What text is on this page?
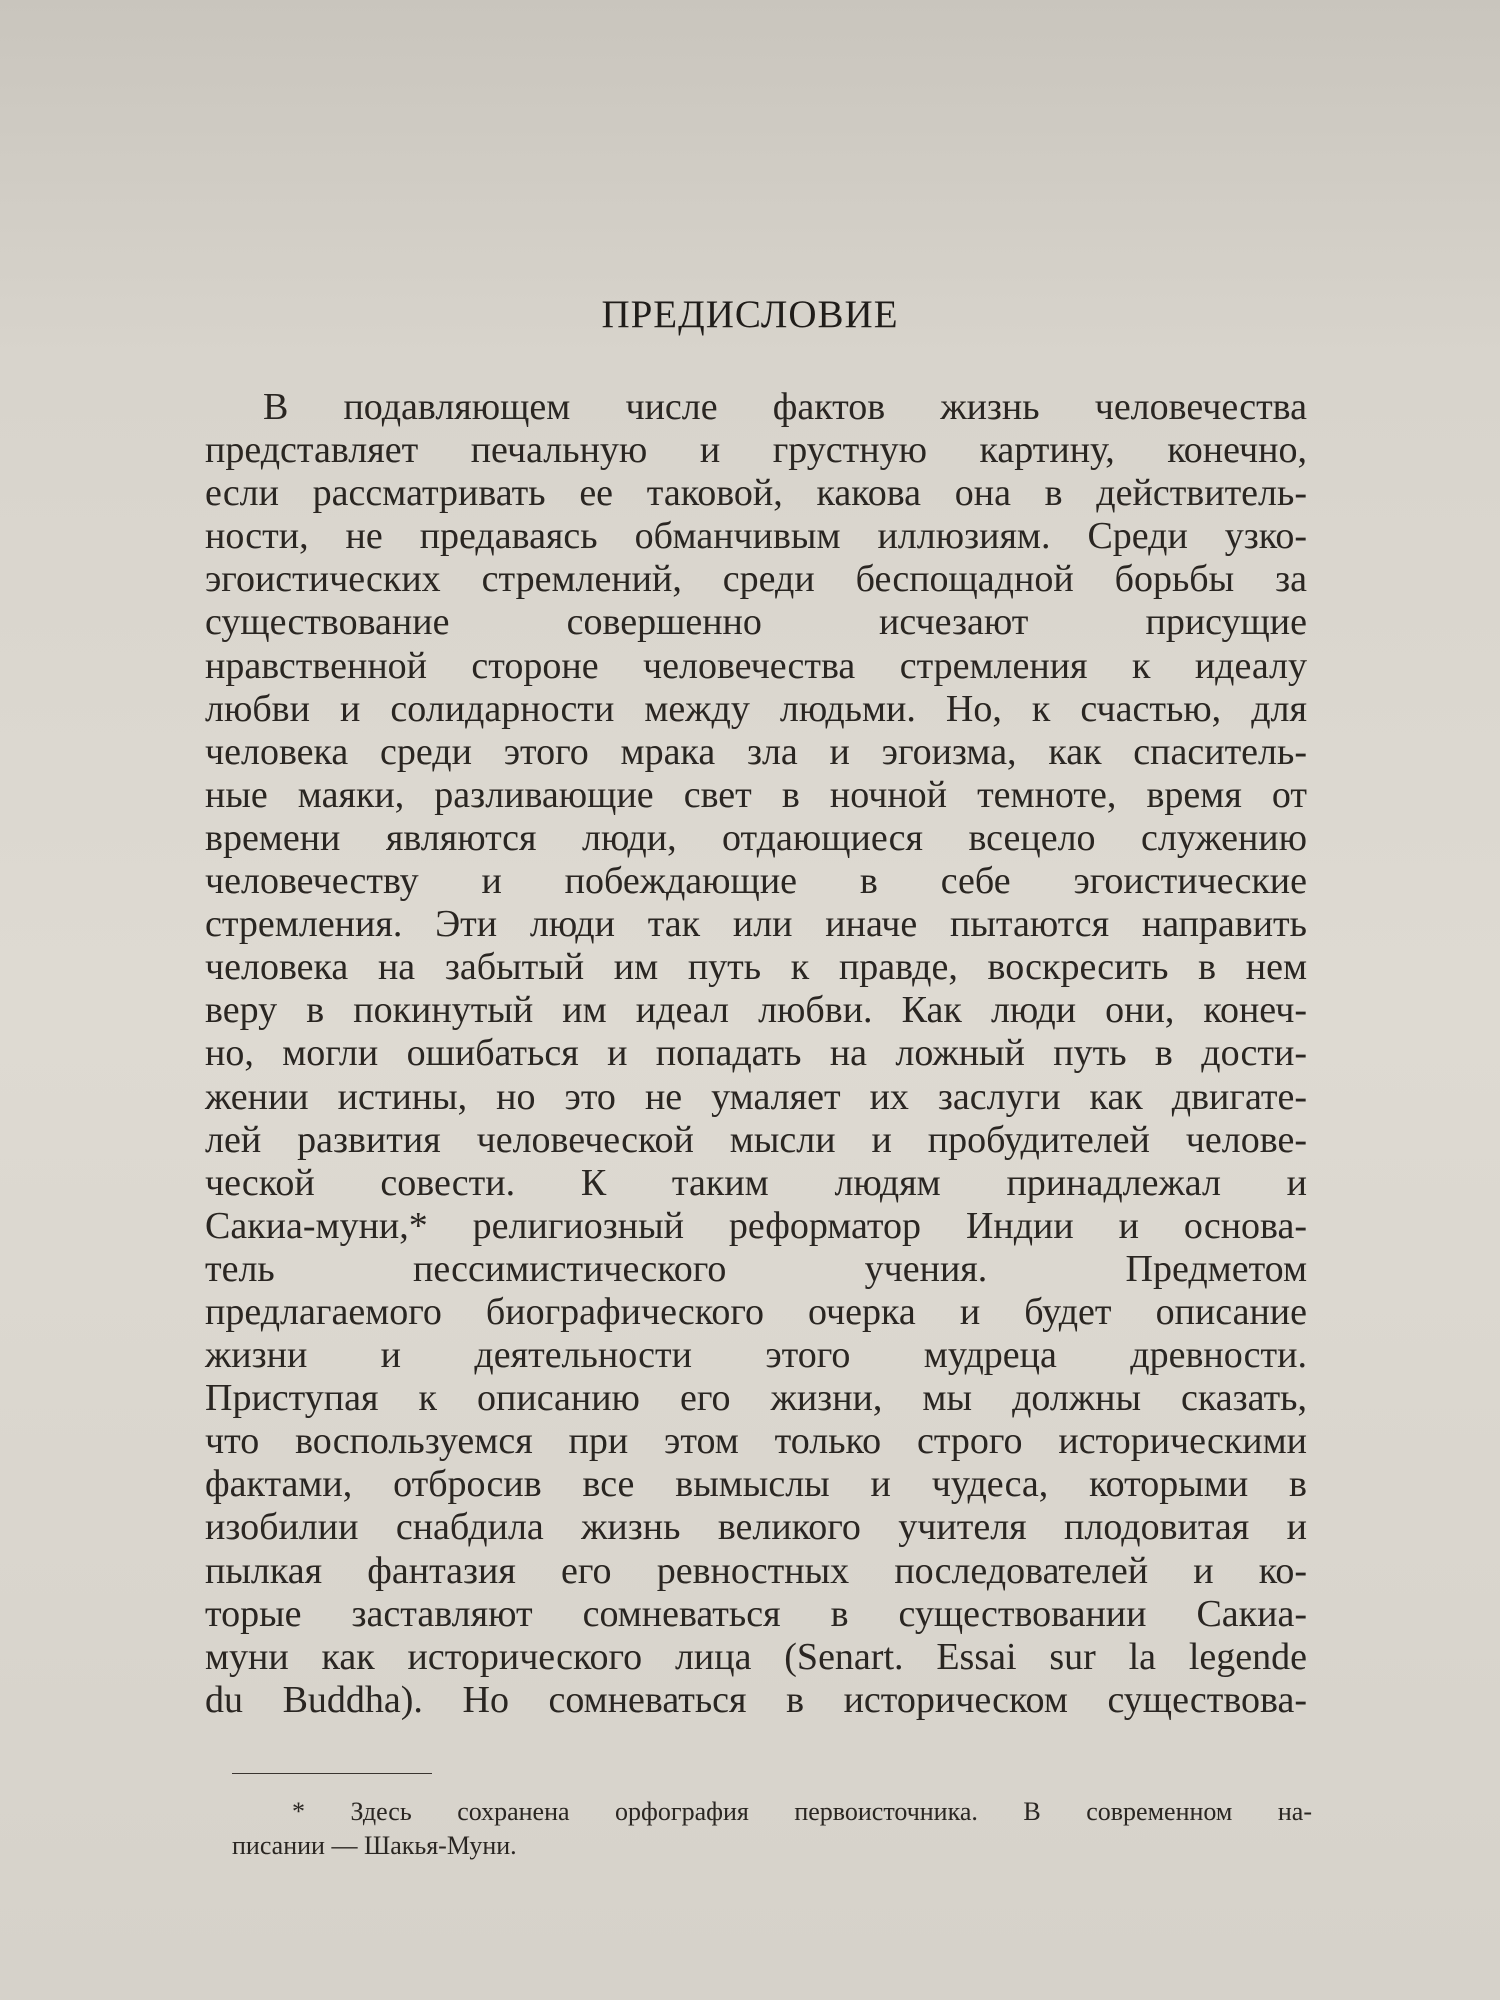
ПРЕДИСЛОВИЕ
В подавляющем числе фактов жизнь человечества
представляет печальную и грустную картину, конечно,
если рассматривать ее таковой, какова она в действитель-
ности, не предаваясь обманчивым иллюзиям. Среди узко-
эгоистических стремлений, среди беспощадной борьбы за
существование совершенно исчезают присущие
нравственной стороне человечества стремления к идеалу
любви и солидарности между людьми. Но, к счастью, для
человека среди этого мрака зла и эгоизма, как спаситель-
ные маяки, разливающие свет в ночной темноте, время от
времени являются люди, отдающиеся всецело служению
человечеству и побеждающие в себе эгоистические
стремления. Эти люди так или иначе пытаются направить
человека на забытый им путь к правде, воскресить в нем
веру в покинутый им идеал любви. Как люди они, конеч-
но, могли ошибаться и попадать на ложный путь в дости-
жении истины, но это не умаляет их заслуги как двигате-
лей развития человеческой мысли и пробудителей челове-
ческой совести. К таким людям принадлежал и
Сакиа-муни,* религиозный реформатор Индии и основа-
тель пессимистического учения. Предметом
предлагаемого биографического очерка и будет описание
жизни и деятельности этого мудреца древности.
Приступая к описанию его жизни, мы должны сказать,
что воспользуемся при этом только строго историческими
фактами, отбросив все вымыслы и чудеса, которыми в
изобилии снабдила жизнь великого учителя плодовитая и
пылкая фантазия его ревностных последователей и ко-
торые заставляют сомневаться в существовании Сакиа-
муни как исторического лица (Senart. Essai sur la legende
du Buddha). Но сомневаться в историческом существова-
* Здесь сохранена орфография первоисточника. В современном на-
писании — Шакья-Муни.
